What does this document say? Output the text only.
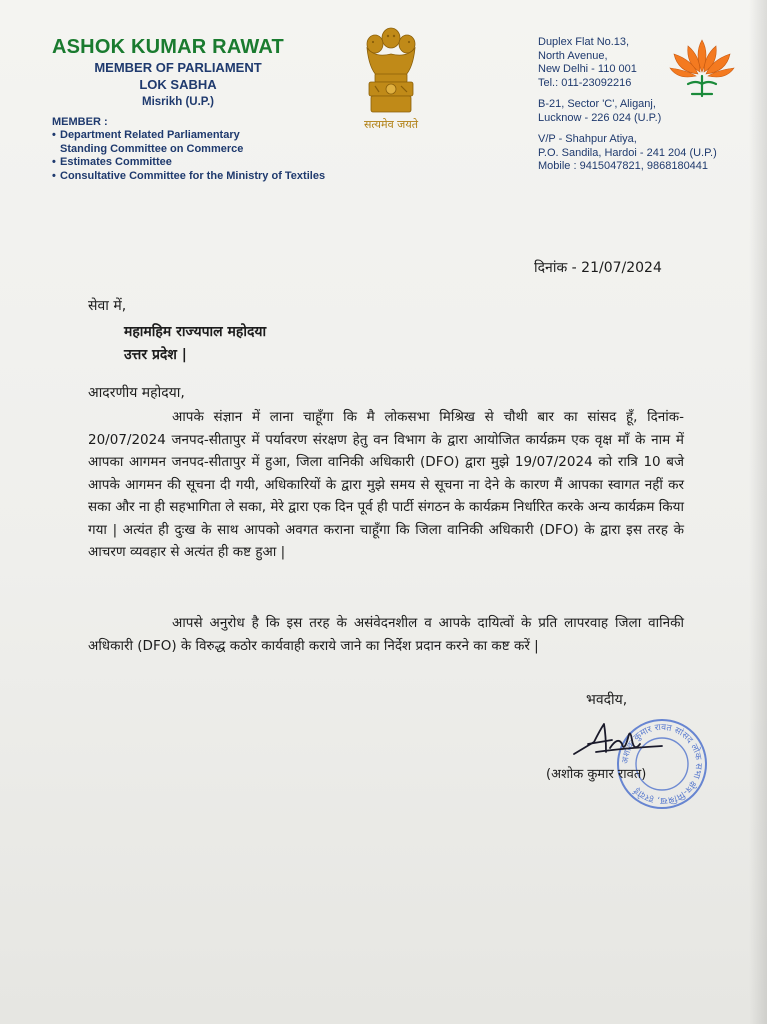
ASHOK KUMAR RAWAT
MEMBER OF PARLIAMENT
LOK SABHA
Misrikh (U.P.)
MEMBER :
• Department Related Parliamentary
Standing Committee on Commerce
• Estimates Committee
• Consultative Committee for the Ministry of Textiles
सत्यमेव जयते
Duplex Flat No.13,
North Avenue,
New Delhi - 110 001
Tel.: 011-23092216
B-21, Sector 'C', Aliganj,
Lucknow - 226 024 (U.P.)
V/P - Shahpur Atiya,
P.O. Sandila, Hardoi - 241 204 (U.P.)
Mobile : 9415047821, 9868180441
दिनांक - 21/07/2024
सेवा में,
महामहिम राज्यपाल महोदया
उत्तर प्रदेश |
आदरणीय महोदया,

आपके संज्ञान में लाना चाहूँगा कि मै लोकसभा मिश्रिख से चौथी बार का सांसद हूँ, दिनांक- 20/07/2024 जनपद-सीतापुर में पर्यावरण संरक्षण हेतु वन विभाग के द्वारा आयोजित कार्यक्रम एक वृक्ष माँ के नाम में आपका आगमन जनपद-सीतापुर में हुआ, जिला वानिकी अधिकारी (DFO) द्वारा मुझे 19/07/2024 को रात्रि 10 बजे आपके आगमन की सूचना दी गयी, अधिकारियों के द्वारा मुझे समय से सूचना ना देने के कारण मैं आपका स्वागत नहीं कर सका और ना ही सहभागिता ले सका, मेरे द्वारा एक दिन पूर्व ही पार्टी संगठन के कार्यक्रम निर्धारित करके अन्य कार्यक्रम किया गया | अत्यंत ही दुःख के साथ आपको अवगत कराना चाहूँगा कि जिला वानिकी अधिकारी (DFO) के द्वारा इस तरह के आचरण व्यवहार से अत्यंत ही कष्ट हुआ |

आपसे अनुरोध है कि इस तरह के असंवेदनशील व आपके दायित्वों के प्रति लापरवाह जिला वानिकी अधिकारी (DFO) के विरुद्ध कठोर कार्यवाही कराये जाने का निर्देश प्रदान करने का कष्ट करें |

भवदीय,
अशोक कुमार रावत सांसद लोक सभा क्षेत्र-मिश्रिख, हरदोई
(अशोक कुमार रावत)
